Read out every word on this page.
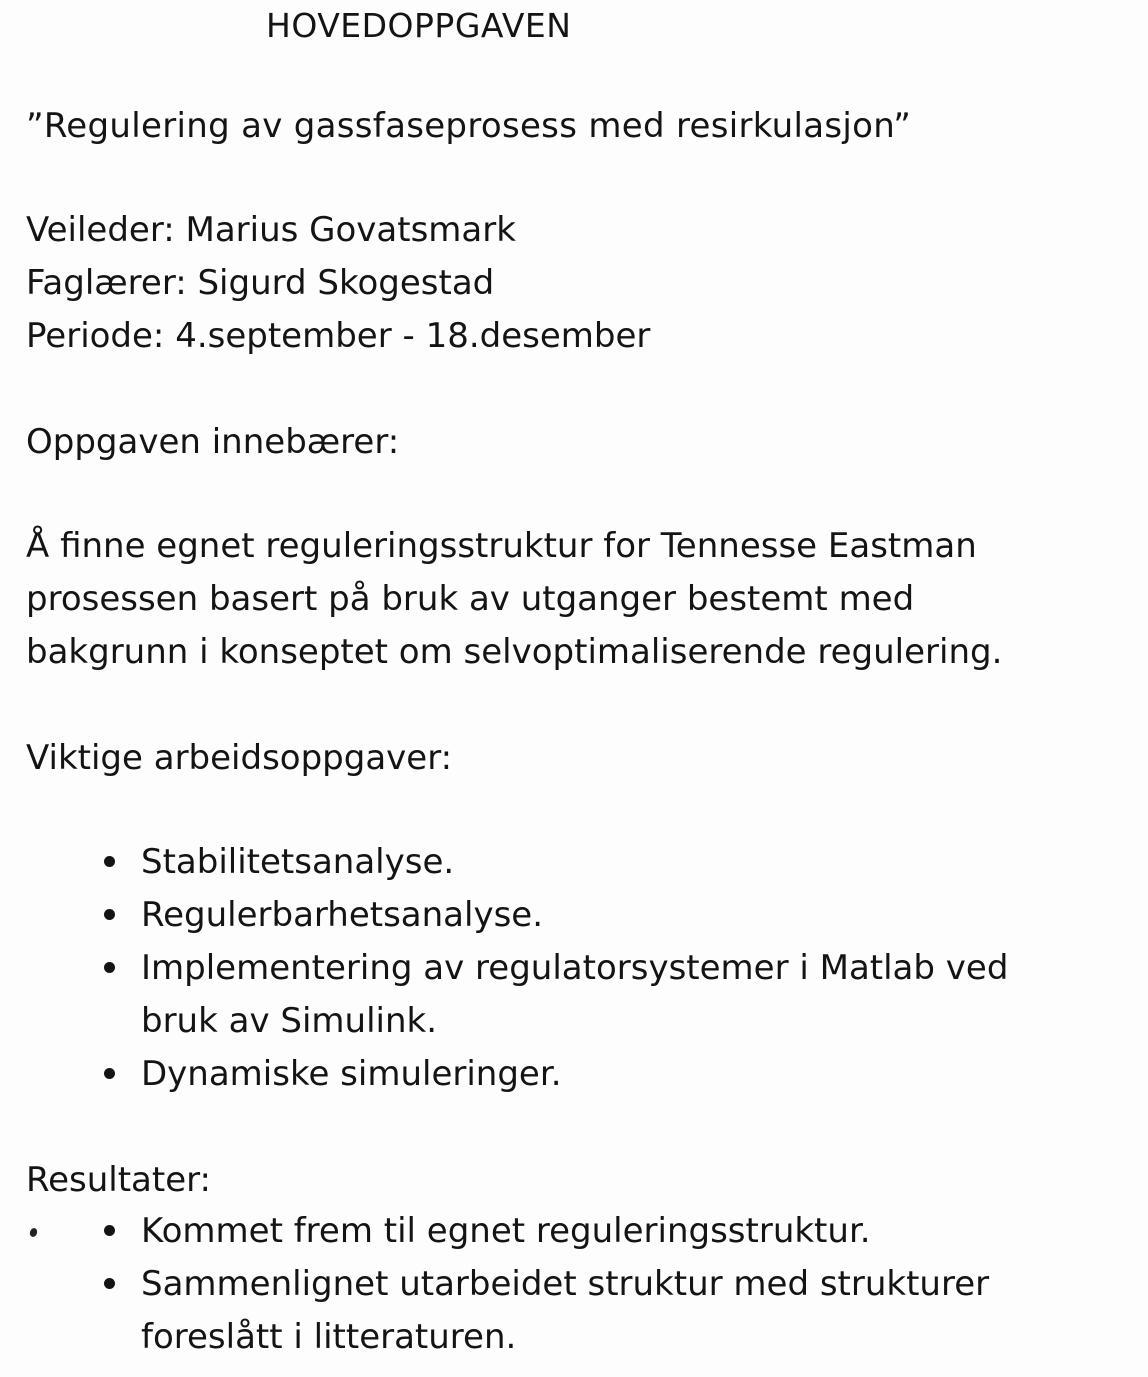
HOVEDOPPGAVEN
”Regulering av gassfaseprosess med resirkulasjon”
Veileder: Marius Govatsmark
Faglærer: Sigurd Skogestad
Periode: 4.september - 18.desember
Oppgaven innebærer:
Å finne egnet reguleringsstruktur for Tennesse Eastman
prosessen basert på bruk av utganger bestemt med
bakgrunn i konseptet om selvoptimaliserende regulering.
Viktige arbeidsoppgaver:
Stabilitetsanalyse.
Regulerbarhetsanalyse.
Implementering av regulatorsystemer i Matlab ved bruk av Simulink.
Dynamiske simuleringer.
Resultater:
Kommet frem til egnet reguleringsstruktur.
Sammenlignet utarbeidet struktur med strukturer foreslått i litteraturen.
